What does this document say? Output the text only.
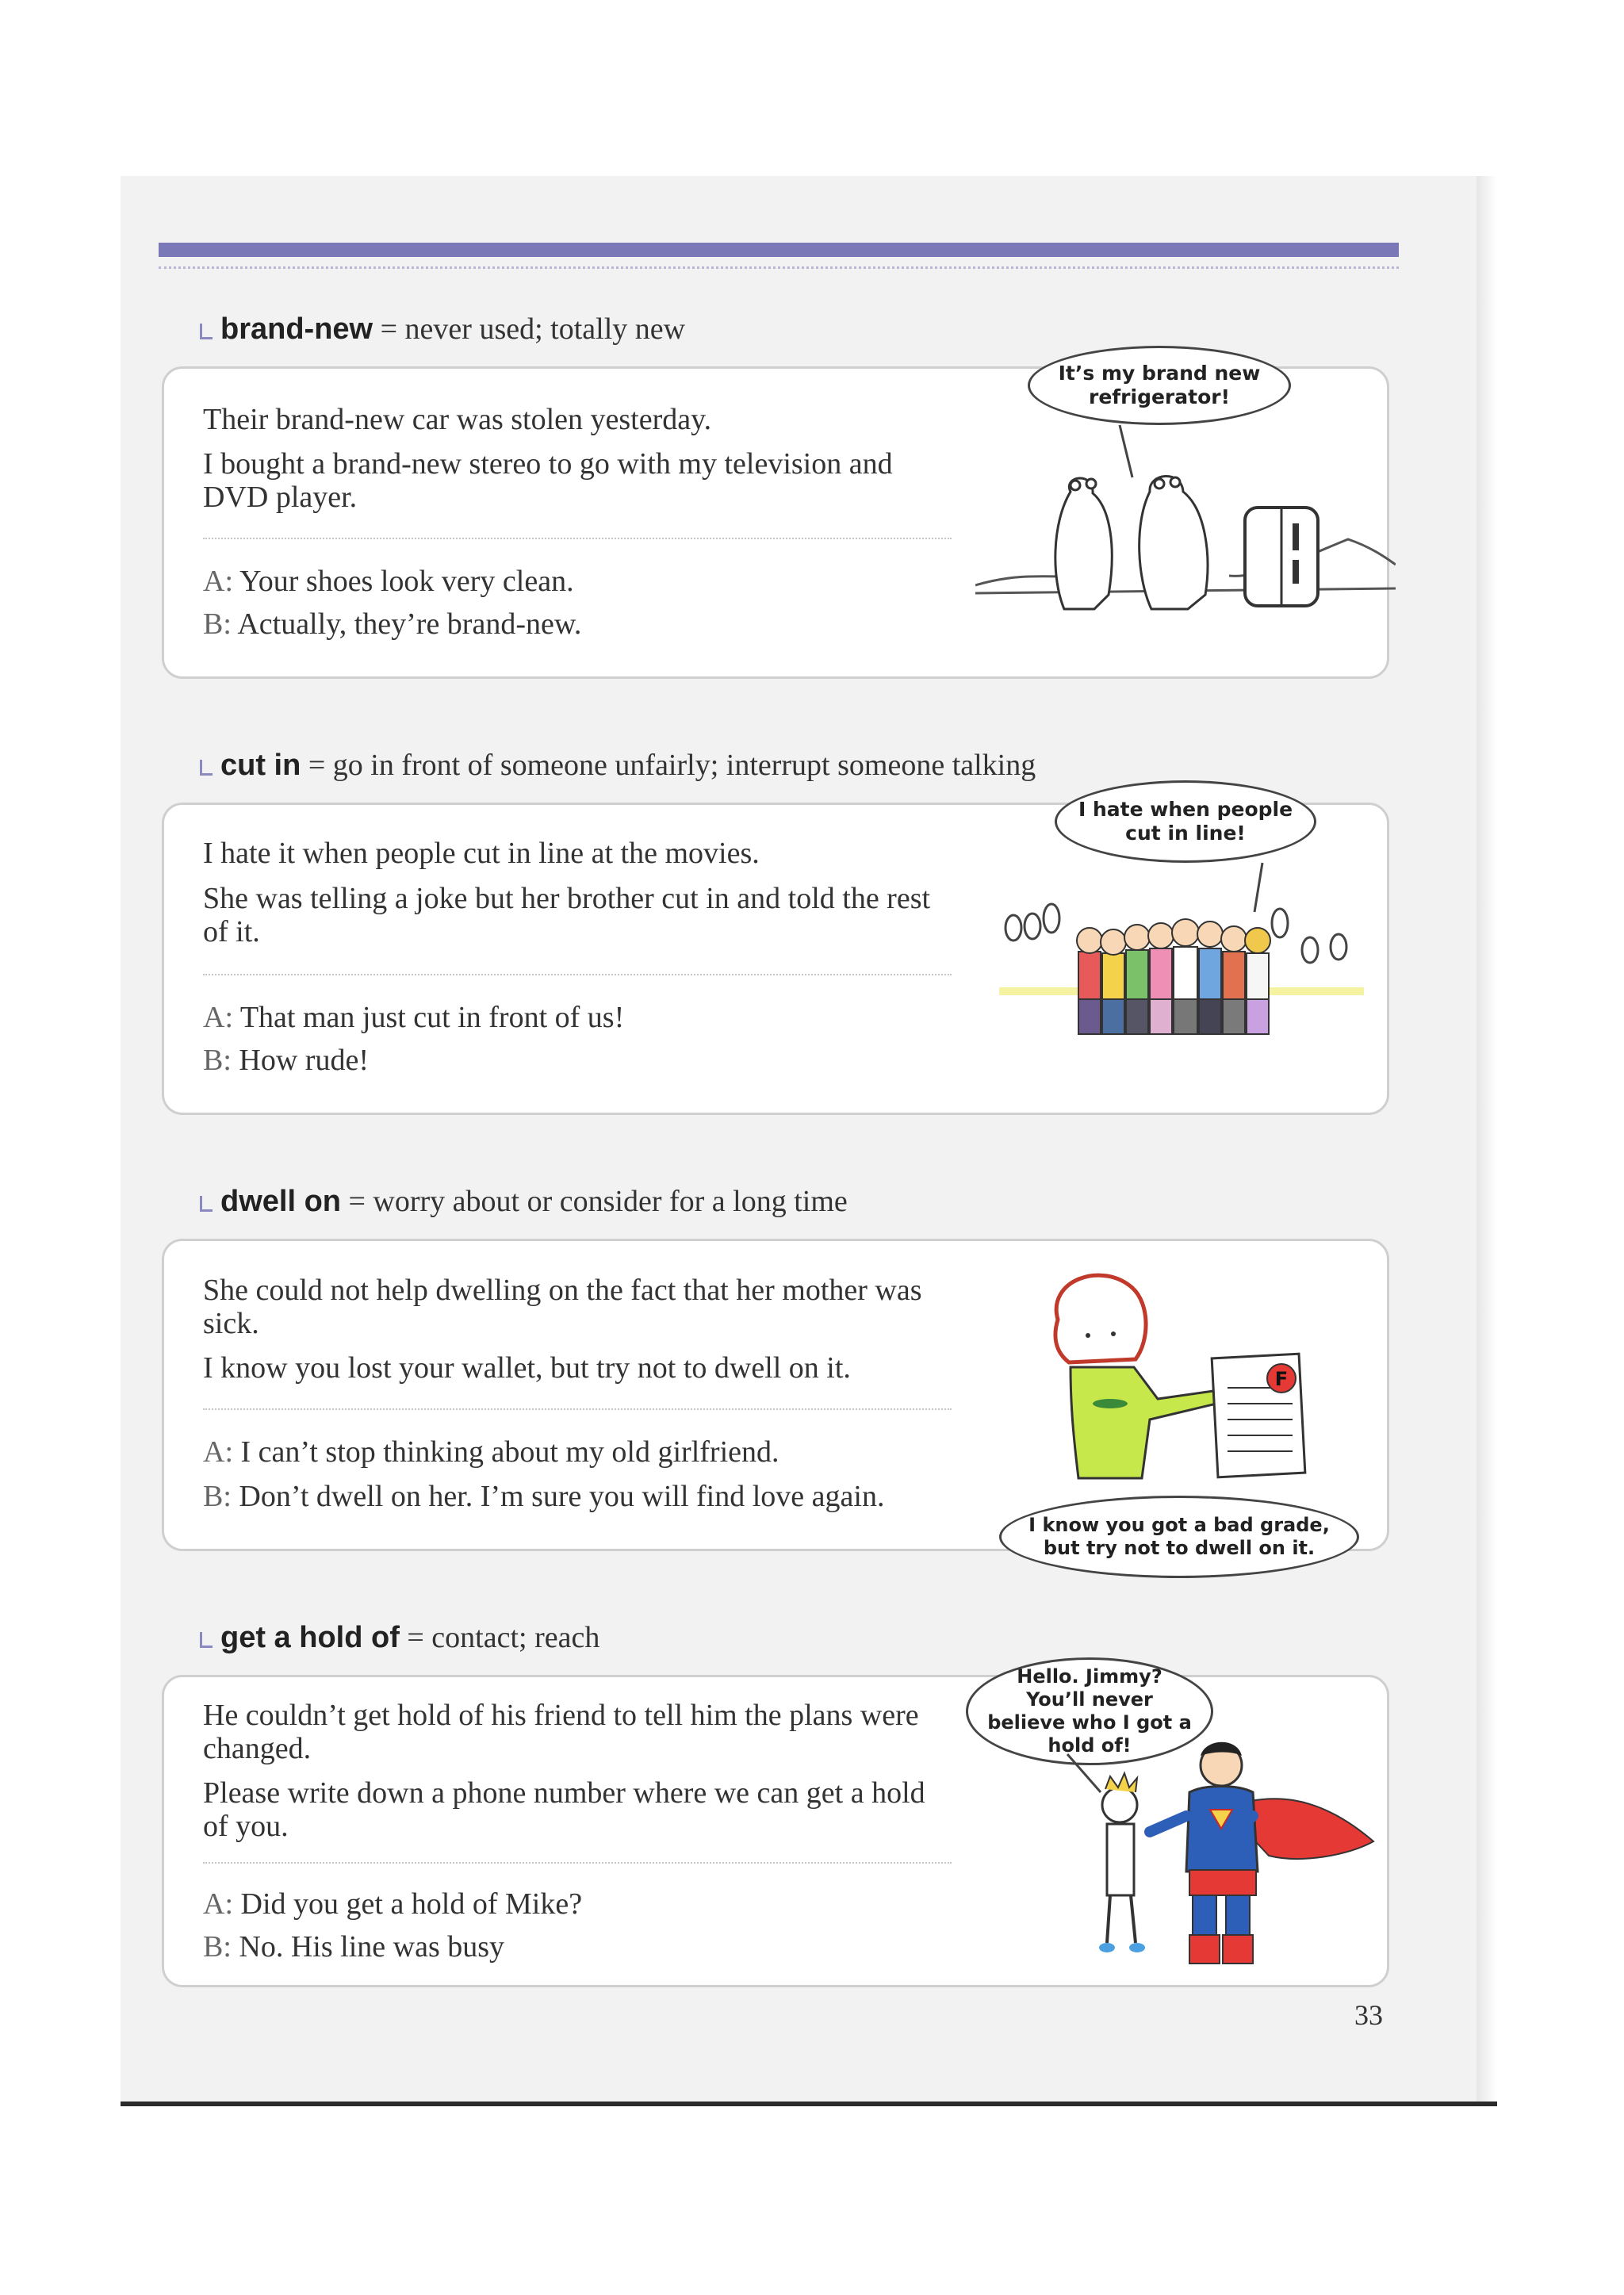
brand-new = never used; totally new
Their brand-new car was stolen yesterday.
I bought a brand-new stereo to go with my television and DVD player.
A: Your shoes look very clean.
B: Actually, they’re brand-new.
It’s my brand new refrigerator!
cut in = go in front of someone unfairly; interrupt someone talking
I hate it when people cut in line at the movies.
She was telling a joke but her brother cut in and told the rest of it.
A: That man just cut in front of us!
B: How rude!
I hate when people cut in line!
dwell on = worry about or consider for a long time
She could not help dwelling on the fact that her mother was sick.
I know you lost your wallet, but try not to dwell on it.
A: I can’t stop thinking about my old girlfriend.
B: Don’t dwell on her. I’m sure you will find love again.
F
I know you got a bad grade, but try not to dwell on it.
get a hold of = contact; reach
He couldn’t get hold of his friend to tell him the plans were changed.
Please write down a phone number where we can get a hold of you.
A: Did you get a hold of Mike?
B: No. His line was busy
Hello. Jimmy? You’ll never believe who I got a hold of!
33
